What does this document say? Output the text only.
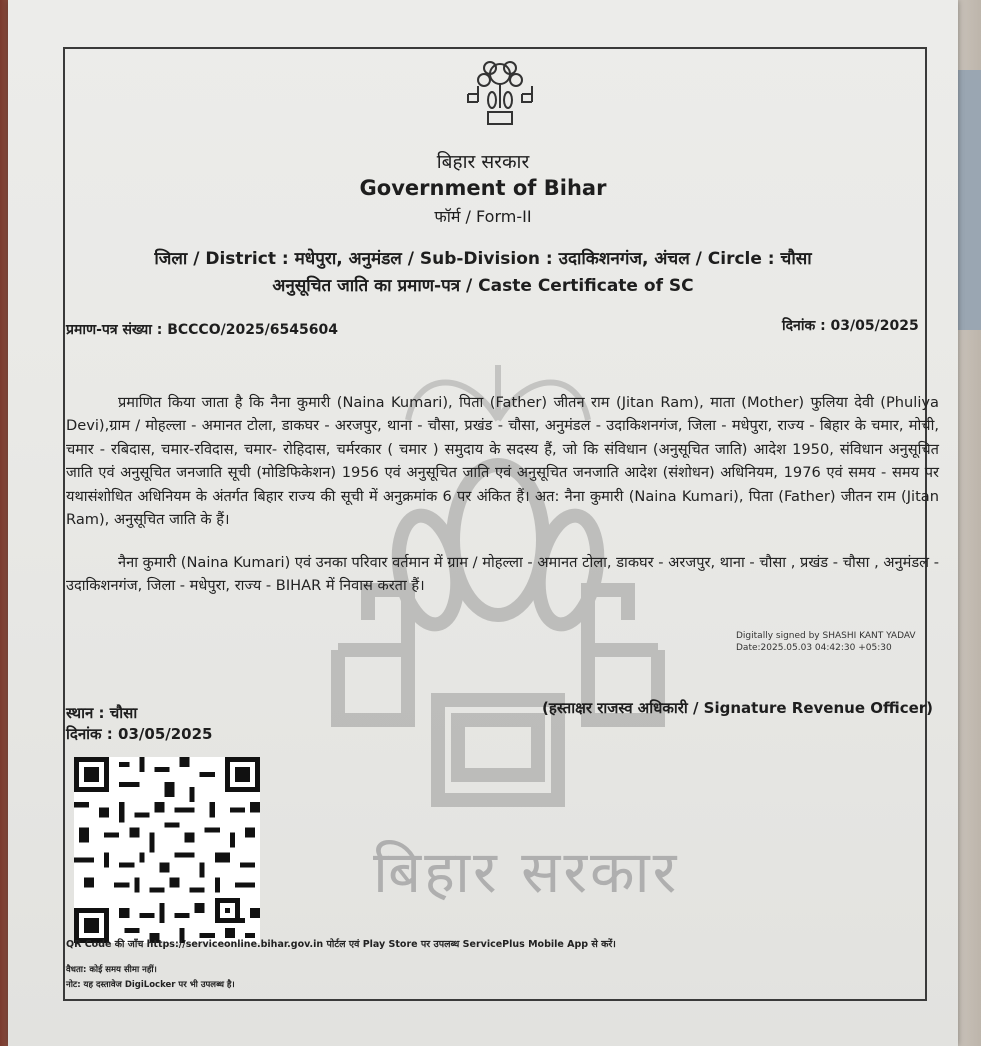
बिहार सरकार
बिहार सरकार
Government of Bihar
फॉर्म / Form-II
जिला / District : मधेपुरा, अनुमंडल / Sub-Division : उदाकिशनगंज, अंचल / Circle : चौसा
अनुसूचित जाति का प्रमाण-पत्र / Caste Certificate of SC
प्रमाण-पत्र संख्या : BCCCO/2025/6545604	दिनांक : 03/05/2025
प्रमाणित किया जाता है कि नैना कुमारी (Naina Kumari), पिता (Father) जीतन राम (Jitan Ram), माता (Mother) फुलिया देवी (Phuliya Devi),ग्राम / मोहल्ला - अमानत टोला, डाकघर - अरजपुर, थाना - चौसा, प्रखंड - चौसा, अनुमंडल - उदाकिशनगंज, जिला - मधेपुरा, राज्य - बिहार के चमार, मोची, चमार - रबिदास, चमार-रविदास, चमार- रोहिदास, चर्मरकार ( चमार ) समुदाय के सदस्य हैं, जो कि संविधान (अनुसूचित जाति) आदेश 1950, संविधान अनुसूचित जाति एवं अनुसूचित जनजाति सूची (मोडिफिकेशन) 1956 एवं अनुसूचित जाति एवं अनुसूचित जनजाति आदेश (संशोधन) अधिनियम, 1976 एवं समय - समय पर यथासंशोधित अधिनियम के अंतर्गत बिहार राज्य की सूची में अनुक्रमांक 6 पर अंकित हैं। अत: नैना कुमारी (Naina Kumari), पिता (Father) जीतन राम (Jitan Ram), अनुसूचित जाति के हैं।
नैना कुमारी (Naina Kumari) एवं उनका परिवार वर्तमान में ग्राम / मोहल्ला - अमानत टोला, डाकघर - अरजपुर, थाना - चौसा , प्रखंड - चौसा , अनुमंडल - उदाकिशनगंज, जिला - मधेपुरा, राज्य - BIHAR में निवास करता हैं।
Digitally signed by SHASHI KANT YADAV
Date:2025.05.03 04:42:30 +05:30
स्थान : चौसा
दिनांक : 03/05/2025
(हस्ताक्षर राजस्व अधिकारी / Signature Revenue Officer)
QR Code की जाँच https://serviceonline.bihar.gov.in पोर्टल एवं Play Store पर उपलब्ध ServicePlus Mobile App से करें।
वैधता: कोई समय सीमा नहीं।
नोट: यह दस्तावेज DigiLocker पर भी उपलब्ध है।
